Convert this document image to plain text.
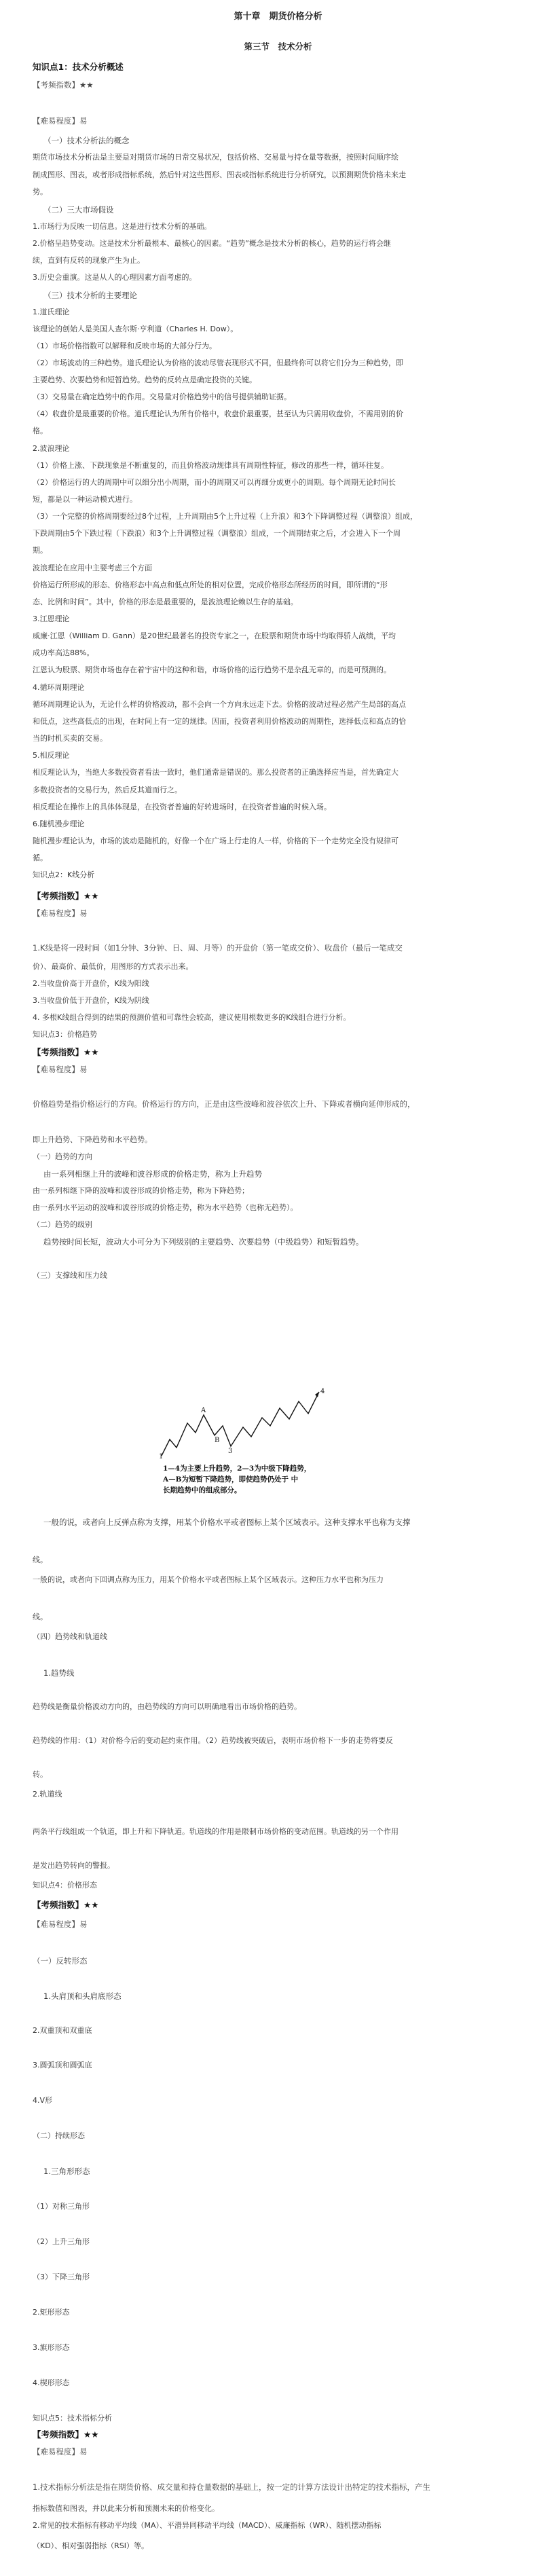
第十章　期货价格分析
第三节　技术分析
知识点1：技术分析概述
【考频指数】★★
【难易程度】易
（一）技术分析法的概念
期货市场技术分析法是主要是对期货市场的日常交易状况，包括价格、交易量与持仓量等数据，按照时间顺序绘
制成图形、图表，或者形成指标系统，然后针对这些图形、图表或指标系统进行分析研究，以预测期货价格未来走
势。
（二）三大市场假设
1.市场行为反映一切信息。这是进行技术分析的基础。
2.价格呈趋势变动。这是技术分析最根本、最核心的因素。“趋势”概念是技术分析的核心，趋势的运行将会继
续，直到有反转的现象产生为止。
3.历史会重演。这是从人的心理因素方面考虑的。
（三）技术分析的主要理论
1.道氏理论
该理论的创始人是美国人查尔斯·亨利道（Charles H. Dow）。
（1）市场价格指数可以解释和反映市场的大部分行为。
（2）市场波动的三种趋势。道氏理论认为价格的波动尽管表现形式不同，但最终你可以将它们分为三种趋势，即
主要趋势、次要趋势和短暂趋势。趋势的反转点是确定投资的关键。
（3）交易量在确定趋势中的作用。交易量对价格趋势中的信号提供辅助证据。
（4）收盘价是最重要的价格。道氏理论认为所有价格中，收盘价最重要，甚至认为只需用收盘价，不需用别的价
格。
2.波浪理论
（1）价格上涨、下跌现象是不断重复的，而且价格波动规律具有周期性特征，修改的那些一样，循环往复。
（2）价格运行的大的周期中可以细分出小周期，而小的周期又可以再细分成更小的周期。每个周期无论时间长
短，都是以一种运动模式进行。
（3）一个完整的价格周期要经过8个过程，上升周期由5个上升过程（上升浪）和3个下降调整过程（调整浪）组成，
下跌周期由5个下跌过程（下跌浪）和3个上升调整过程（调整浪）组成，一个周期结束之后，才会进入下一个周
期。
波浪理论在应用中主要考虑三个方面
价格运行所形成的形态、价格形态中高点和低点所处的相对位置，完成价格形态所经历的时间，即所谓的“形
态、比例和时间”。其中，价格的形态是最重要的，是波浪理论赖以生存的基础。
3.江恩理论
威廉·江恩（William D. Gann）是20世纪最著名的投资专家之一，在股票和期货市场中均取得骄人战绩，平均
成功率高达88%。
江恩认为股票、期货市场也存在着宇宙中的这种和谐，市场价格的运行趋势不是杂乱无章的，而是可预测的。
4.循环周期理论
循环周期理论认为，无论什么样的价格波动，都不会向一个方向永远走下去。价格的波动过程必然产生局部的高点
和低点，这些高低点的出现，在时间上有一定的规律。因而，投资者利用价格波动的周期性，选择低点和高点的恰
当的时机买卖的交易。
5.相反理论
相反理论认为，当绝大多数投资者看法一致时，他们通常是错误的。那么投资者的正确选择应当是，首先确定大
多数投资者的交易行为，然后反其道而行之。
相反理论在操作上的具体体现是，在投资者普遍的好转进场时，在投资者普遍的时候入场。
6.随机漫步理论
随机漫步理论认为，市场的波动是随机的，好像一个在广场上行走的人一样，价格的下一个走势完全没有规律可
循。
知识点2：K线分析
【考频指数】★★
【难易程度】易
1.K线是将一段时间（如1分钟、3分钟、日、周、月等）的开盘价（第一笔成交价）、收盘价（最后一笔成交
价）、最高价、最低价，用图形的方式表示出来。
2.当收盘价高于开盘价，K线为阳线
3.当收盘价低于开盘价，K线为阴线
4. 多根K线组合得到的结果的预测价值和可靠性会较高，建议使用根数更多的K线组合进行分析。
知识点3：价格趋势
【考频指数】★★
【难易程度】易
价格趋势是指价格运行的方向。价格运行的方向，正是由这些波峰和波谷依次上升、下降或者横向延伸形成的，
即上升趋势、下降趋势和水平趋势。
（一）趋势的方向
由一系列相继上升的波峰和波谷形成的价格走势，称为上升趋势
由一系列相继下降的波峰和波谷形成的价格走势，称为下降趋势；
由一系列水平运动的波峰和波谷形成的价格走势，称为水平趋势（也称无趋势）。
（二）趋势的级别
趋势按时间长短，波动大小可分为下列级别的主要趋势、次要趋势（中级趋势）和短暂趋势。
（三）支撑线和压力线
1
A
B
3
4
1—4为主要上升趋势，2—3为中级下降趋势，
A—B为短暂下降趋势，即使趋势仍处于 中
长期趋势中的组成部分。
一般的说，或者向上反弹点称为支撑，用某个价格水平或者图标上某个区域表示。这种支撑水平也称为支撑
线。
一般的说，或者向下回调点称为压力，用某个价格水平或者图标上某个区域表示。这种压力水平也称为压力
线。
（四）趋势线和轨道线
1.趋势线
趋势线是衡量价格波动方向的，由趋势线的方向可以明确地看出市场价格的趋势。
趋势线的作用：（1）对价格今后的变动起约束作用。（2）趋势线被突破后，表明市场价格下一步的走势将要反
转。
2.轨道线
两条平行线组成一个轨道，即上升和下降轨道。轨道线的作用是限制市场价格的变动范围。轨道线的另一个作用
是发出趋势转向的警报。
知识点4：价格形态
【考频指数】★★
【难易程度】易
（一）反转形态
1.头肩顶和头肩底形态
2.双重顶和双重底
3.圆弧顶和圆弧底
4.V形
（二）持续形态
1.三角形形态
（1）对称三角形
（2）上升三角形
（3）下降三角形
2.矩形形态
3.旗形形态
4.楔形形态
知识点5：技术指标分析
【考频指数】★★
【难易程度】易
1.技术指标分析法是指在期货价格、成交量和持仓量数据的基础上，按一定的计算方法设计出特定的技术指标，产生
指标数值和图表，并以此来分析和预测未来的价格变化。
2.常见的技术指标有移动平均线（MA）、平滑异同移动平均线（MACD）、威廉指标（WR）、随机摆动指标
（KD）、相对强弱指标（RSI）等。
